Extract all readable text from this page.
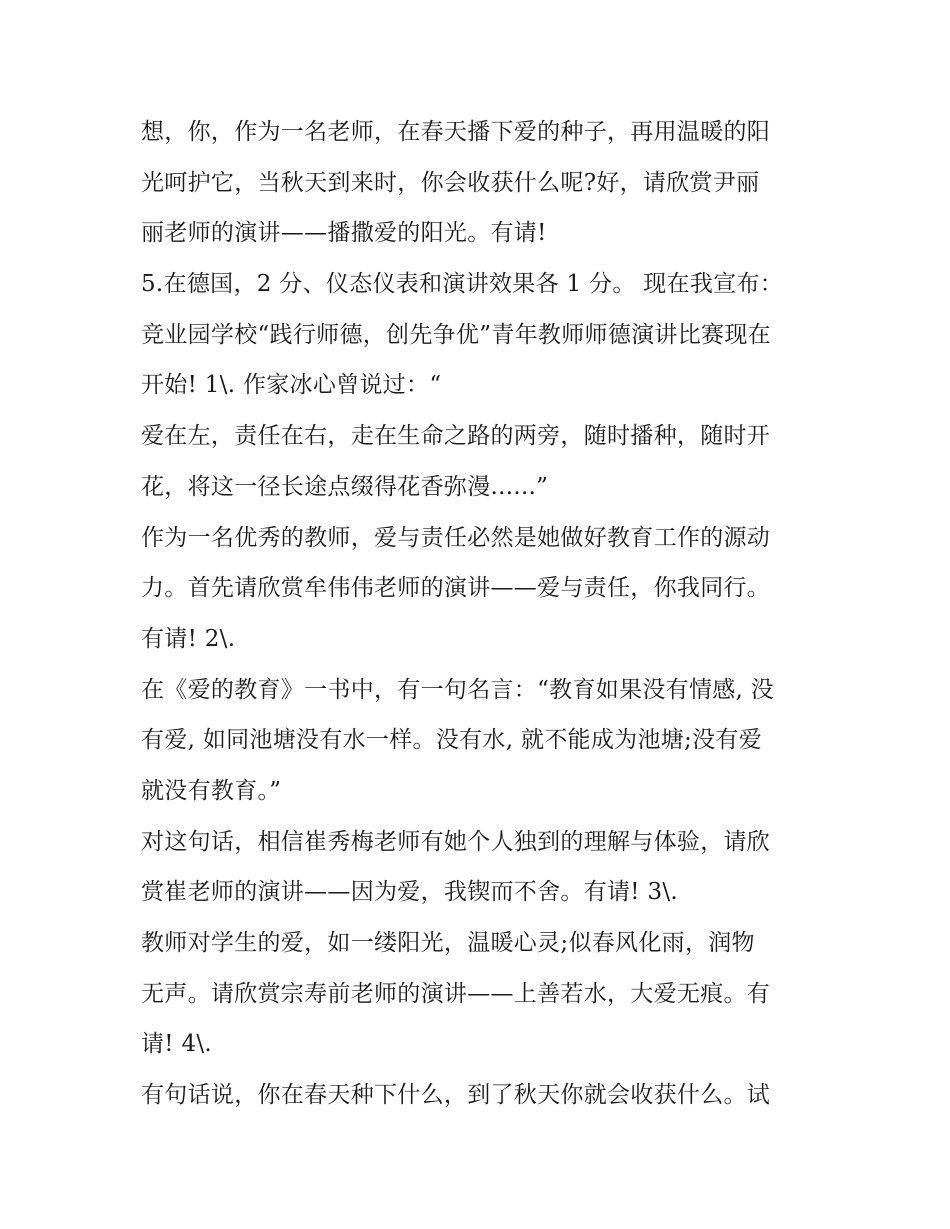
想，你，作为一名老师，在春天播下爱的种子，再用温暖的阳
光呵护它，当秋天到来时，你会收获什么呢?好，请欣赏尹丽
丽老师的演讲——播撒爱的阳光。有请!
5.在德国，2 分、仪态仪表和演讲效果各 1 分。 现在我宣布：
竞业园学校“践行师德，创先争优”青年教师师德演讲比赛现在
开始! 1\. 作家冰心曾说过：“
爱在左，责任在右，走在生命之路的两旁，随时播种，随时开
花，将这一径长途点缀得花香弥漫......”
作为一名优秀的教师，爱与责任必然是她做好教育工作的源动
力。首先请欣赏牟伟伟老师的演讲——爱与责任，你我同行。
有请! 2\.
在《爱的教育》一书中，有一句名言：“教育如果没有情感, 没
有爱, 如同池塘没有水一样。没有水, 就不能成为池塘;没有爱
就没有教育。”
对这句话，相信崔秀梅老师有她个人独到的理解与体验，请欣
赏崔老师的演讲——因为爱，我锲而不舍。有请! 3\.
教师对学生的爱，如一缕阳光，温暖心灵;似春风化雨，润物
无声。请欣赏宗寿前老师的演讲——上善若水，大爱无痕。有
请! 4\.
有句话说，你在春天种下什么，到了秋天你就会收获什么。试
